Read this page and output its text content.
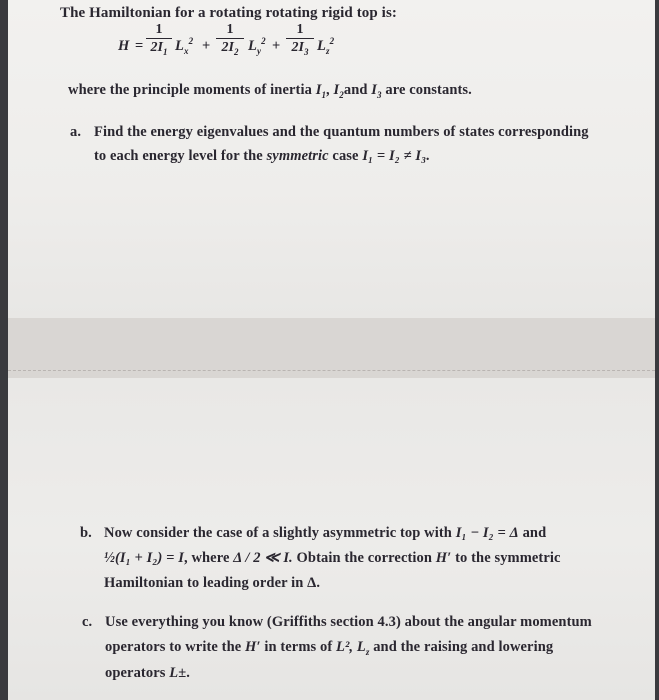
The Hamiltonian for a rotating rotating rigid top is:
H =
1
$2I_1$ $L_x^2$ +
1
$2I_2$ $L_y^2$ +
1
$2I_3$ $L_z^2$
where the principle moments of inertia $I_1$, $I_2and$ $I_3$ are constants.
a. Find the energy eigenvalues and the quantum numbers of states corresponding
to each energy level for the symmetric case I₁ = I₂ ≠ I₃.
b. Now consider the case of a slightly asymmetric top with I₁ − I₂ = Δ and
½(I₁ + I₂) = I, where Δ / 2 ≪ I. Obtain the correction H′ to the symmetric
Hamiltonian to leading order in Δ.
c. Use everything you know (Griffiths section 4.3) about the angular momentum
operators to write the H′ in terms of L², $L_z$ and the raising and lowering
operators L±.
